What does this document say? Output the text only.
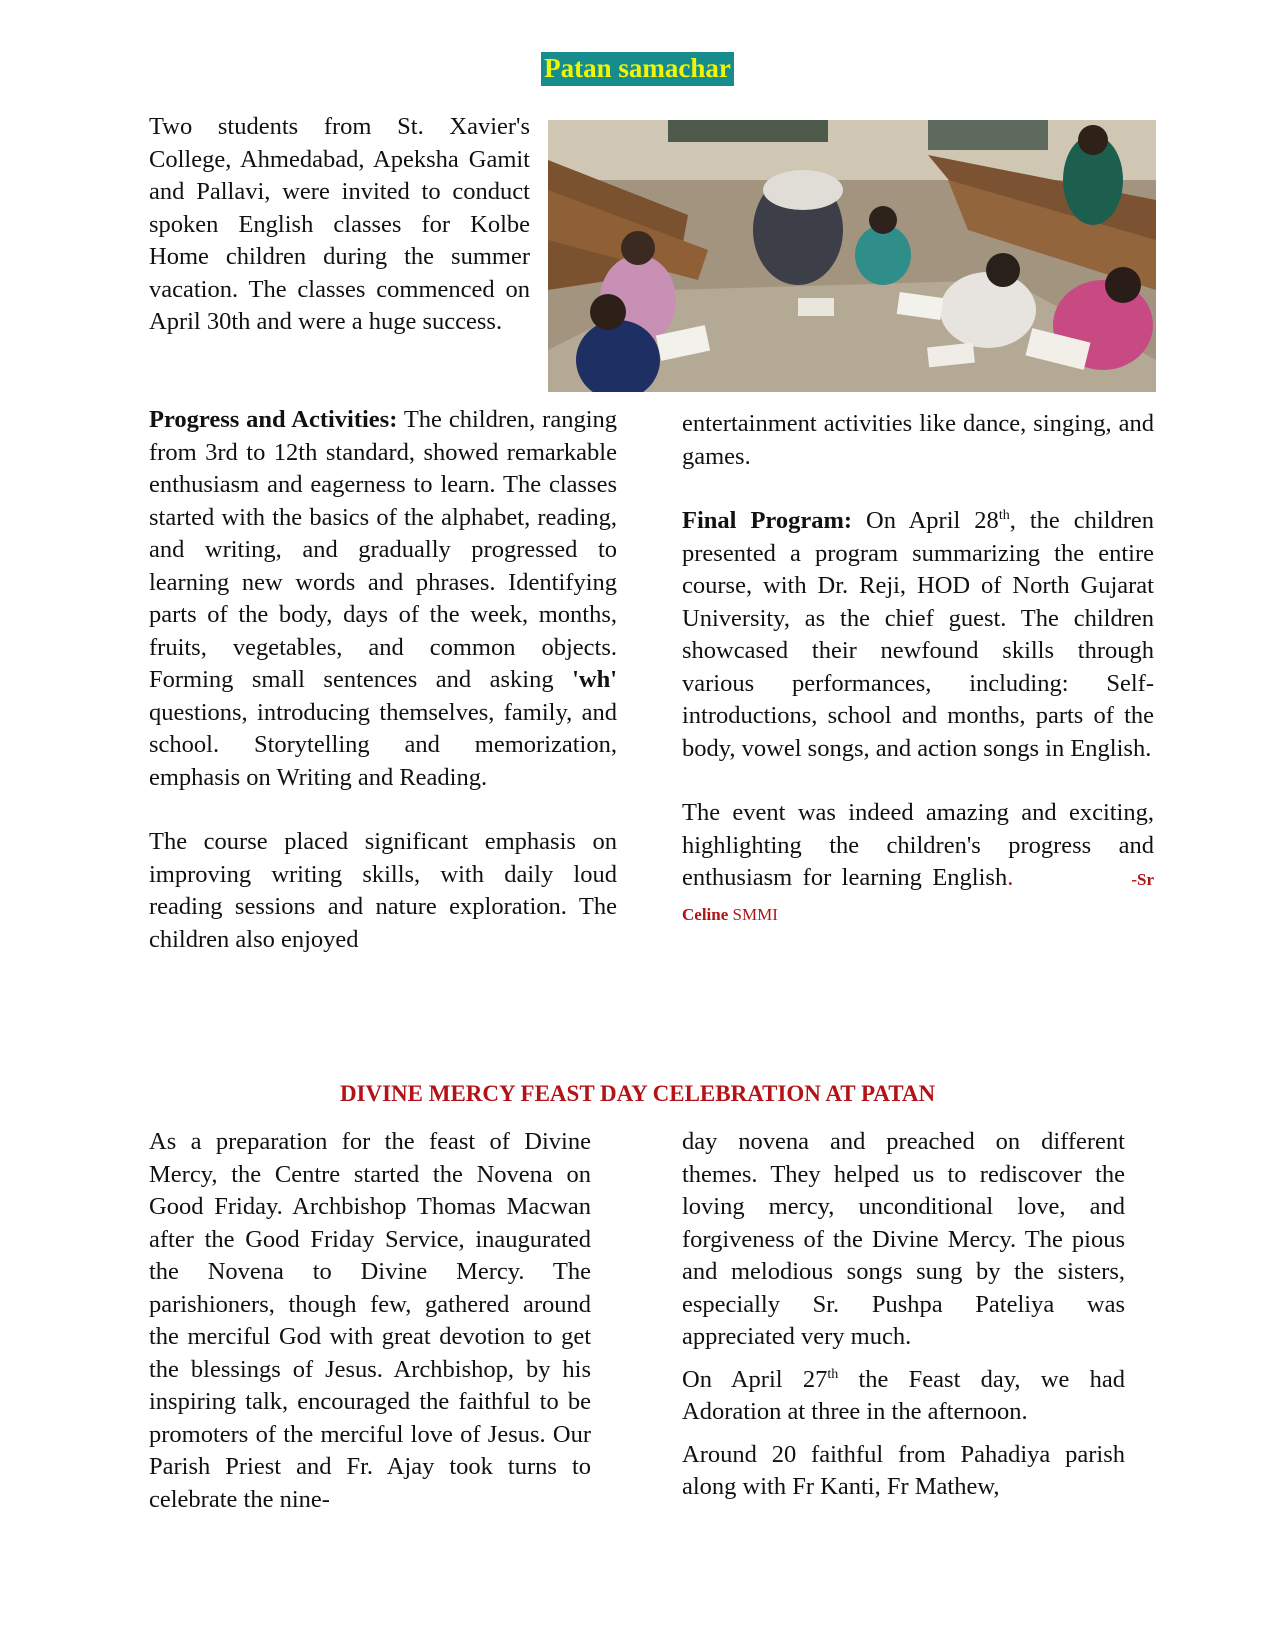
Patan samachar

Two students from St. Xavier's College, Ahmedabad, Apeksha Gamit and Pallavi, were invited to conduct spoken English classes for Kolbe Home children during the summer vacation. The classes commenced on April 30th and were a huge success.

Progress and Activities: The children, ranging from 3rd to 12th standard, showed remarkable enthusiasm and eagerness to learn. The classes started with the basics of the alphabet, reading, and writing, and gradually progressed to learning new words and phrases. Identifying parts of the body, days of the week, months, fruits, vegetables, and common objects. Forming small sentences and asking 'wh' questions, introducing themselves, family, and school. Storytelling and memorization, emphasis on Writing and Reading.

The course placed significant emphasis on improving writing skills, with daily loud reading sessions and nature exploration. The children also enjoyed

entertainment activities like dance, singing, and games.

Final Program: On April 28th, the children presented a program summarizing the entire course, with Dr. Reji, HOD of North Gujarat University, as the chief guest. The children showcased their newfound skills through various performances, including: Self-introductions, school and months, parts of the body, vowel songs, and action songs in English.

The event was indeed amazing and exciting, highlighting the children's progress and enthusiasm for learning English.	-Sr Celine SMMI

DIVINE MERCY FEAST DAY CELEBRATION AT PATAN

As a preparation for the feast of Divine Mercy, the Centre started the Novena on Good Friday. Archbishop Thomas Macwan after the Good Friday Service, inaugurated the Novena to Divine Mercy. The parishioners, though few, gathered around the merciful God with great devotion to get the blessings of Jesus. Archbishop, by his inspiring talk, encouraged the faithful to be promoters of the merciful love of Jesus. Our Parish Priest and Fr. Ajay took turns to celebrate the nine-

day novena and preached on different themes. They helped us to rediscover the loving mercy, unconditional love, and forgiveness of the Divine Mercy. The pious and melodious songs sung by the sisters, especially Sr. Pushpa Pateliya was appreciated very much.

On April 27th the Feast day, we had Adoration at three in the afternoon.

Around 20 faithful from Pahadiya parish along with Fr Kanti, Fr Mathew,
